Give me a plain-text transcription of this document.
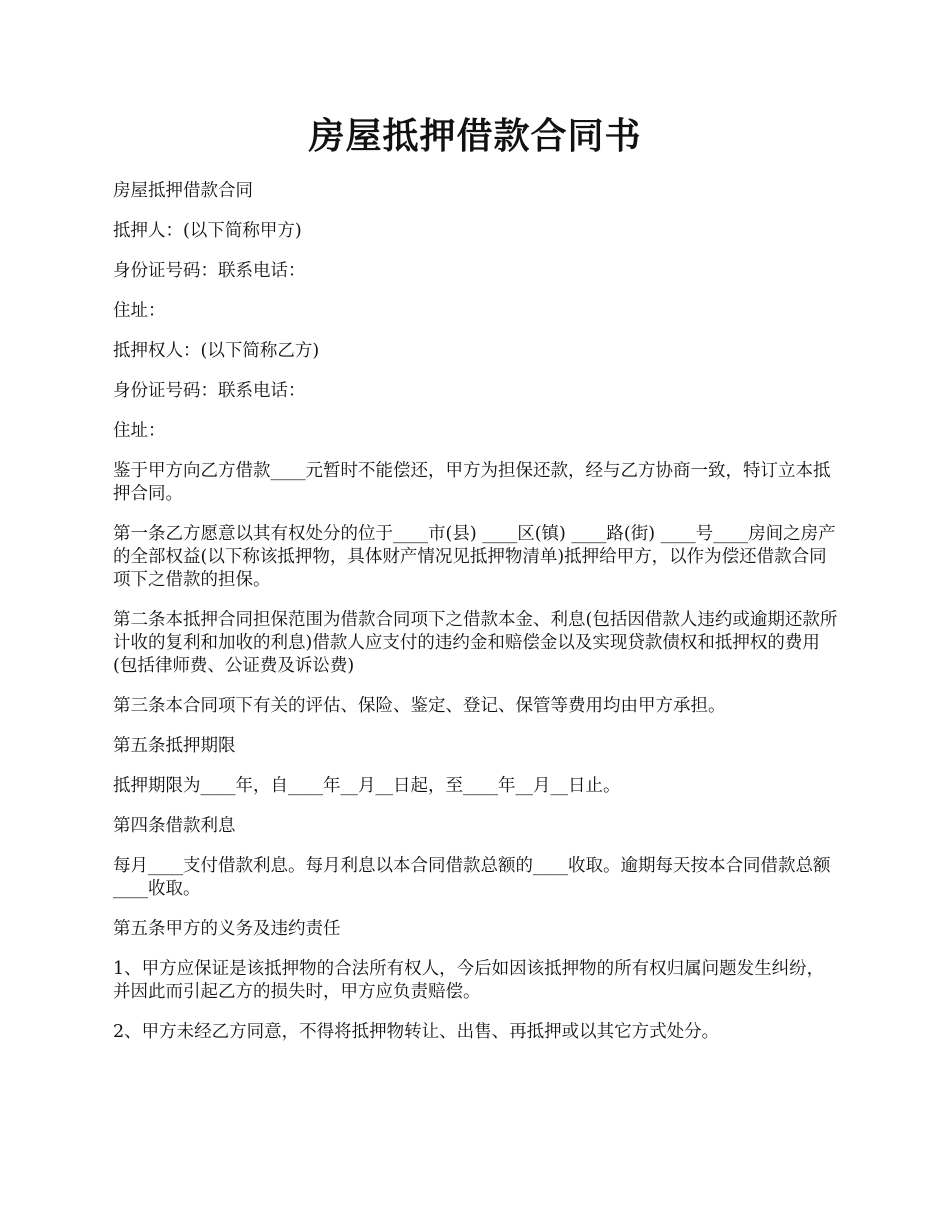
房屋抵押借款合同书

房屋抵押借款合同

抵押人：(以下简称甲方)

身份证号码：联系电话：

住址：

抵押权人：(以下简称乙方)

身份证号码：联系电话：

住址：

鉴于甲方向乙方借款____元暂时不能偿还，甲方为担保还款，经与乙方协商一致，特订立本抵押合同。

第一条乙方愿意以其有权处分的位于____市(县) ____区(镇) ____路(街) ____号____房间之房产的全部权益(以下称该抵押物，具体财产情况见抵押物清单)抵押给甲方，以作为偿还借款合同项下之借款的担保。

第二条本抵押合同担保范围为借款合同项下之借款本金、利息(包括因借款人违约或逾期还款所计收的复利和加收的利息)借款人应支付的违约金和赔偿金以及实现贷款债权和抵押权的费用(包括律师费、公证费及诉讼费)

第三条本合同项下有关的评估、保险、鉴定、登记、保管等费用均由甲方承担。

第五条抵押期限

抵押期限为____年，自____年__月__日起，至____年__月__日止。

第四条借款利息

每月____支付借款利息。每月利息以本合同借款总额的____收取。逾期每天按本合同借款总额____收取。

第五条甲方的义务及违约责任

1、甲方应保证是该抵押物的合法所有权人，今后如因该抵押物的所有权归属问题发生纠纷，并因此而引起乙方的损失时，甲方应负责赔偿。

2、甲方未经乙方同意，不得将抵押物转让、出售、再抵押或以其它方式处分。
